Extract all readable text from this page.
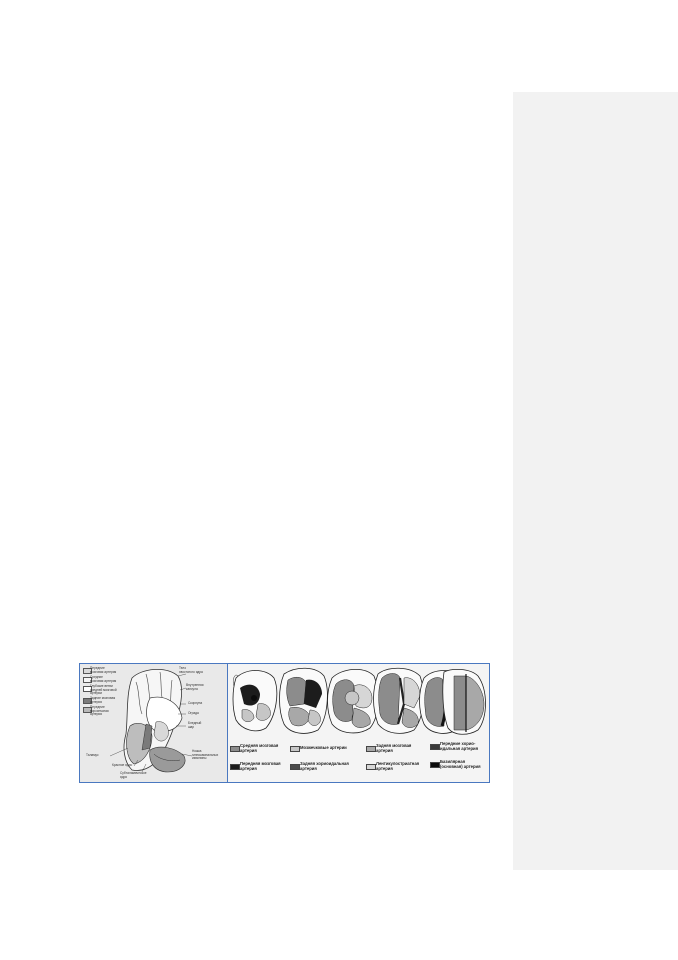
Передние
мозговая артерия
Средние
мозговая артерия
Глубокие ветви
средней мозговой
артерии
Задние мозговая
артерия
Передние
ворсинчатая
артерия
Тело
хвостатого ядра
Внутренняя
капсула
Скорлупа
Ограда
Бледный
шар
Ножка
гиппокампальных
извилины
Таламус
Красное ядро
Субталамическое
ядро
Средняя мозговая
артерия
Мозжечковые артерии	Задняя мозговая
артерия
Передние хорио-
идальная артерия
Передняя мозговая
артерия
Задняя хориоидальная
артерия
Лентикулостриатная
артерия
Базилярная
(основная) артерия
